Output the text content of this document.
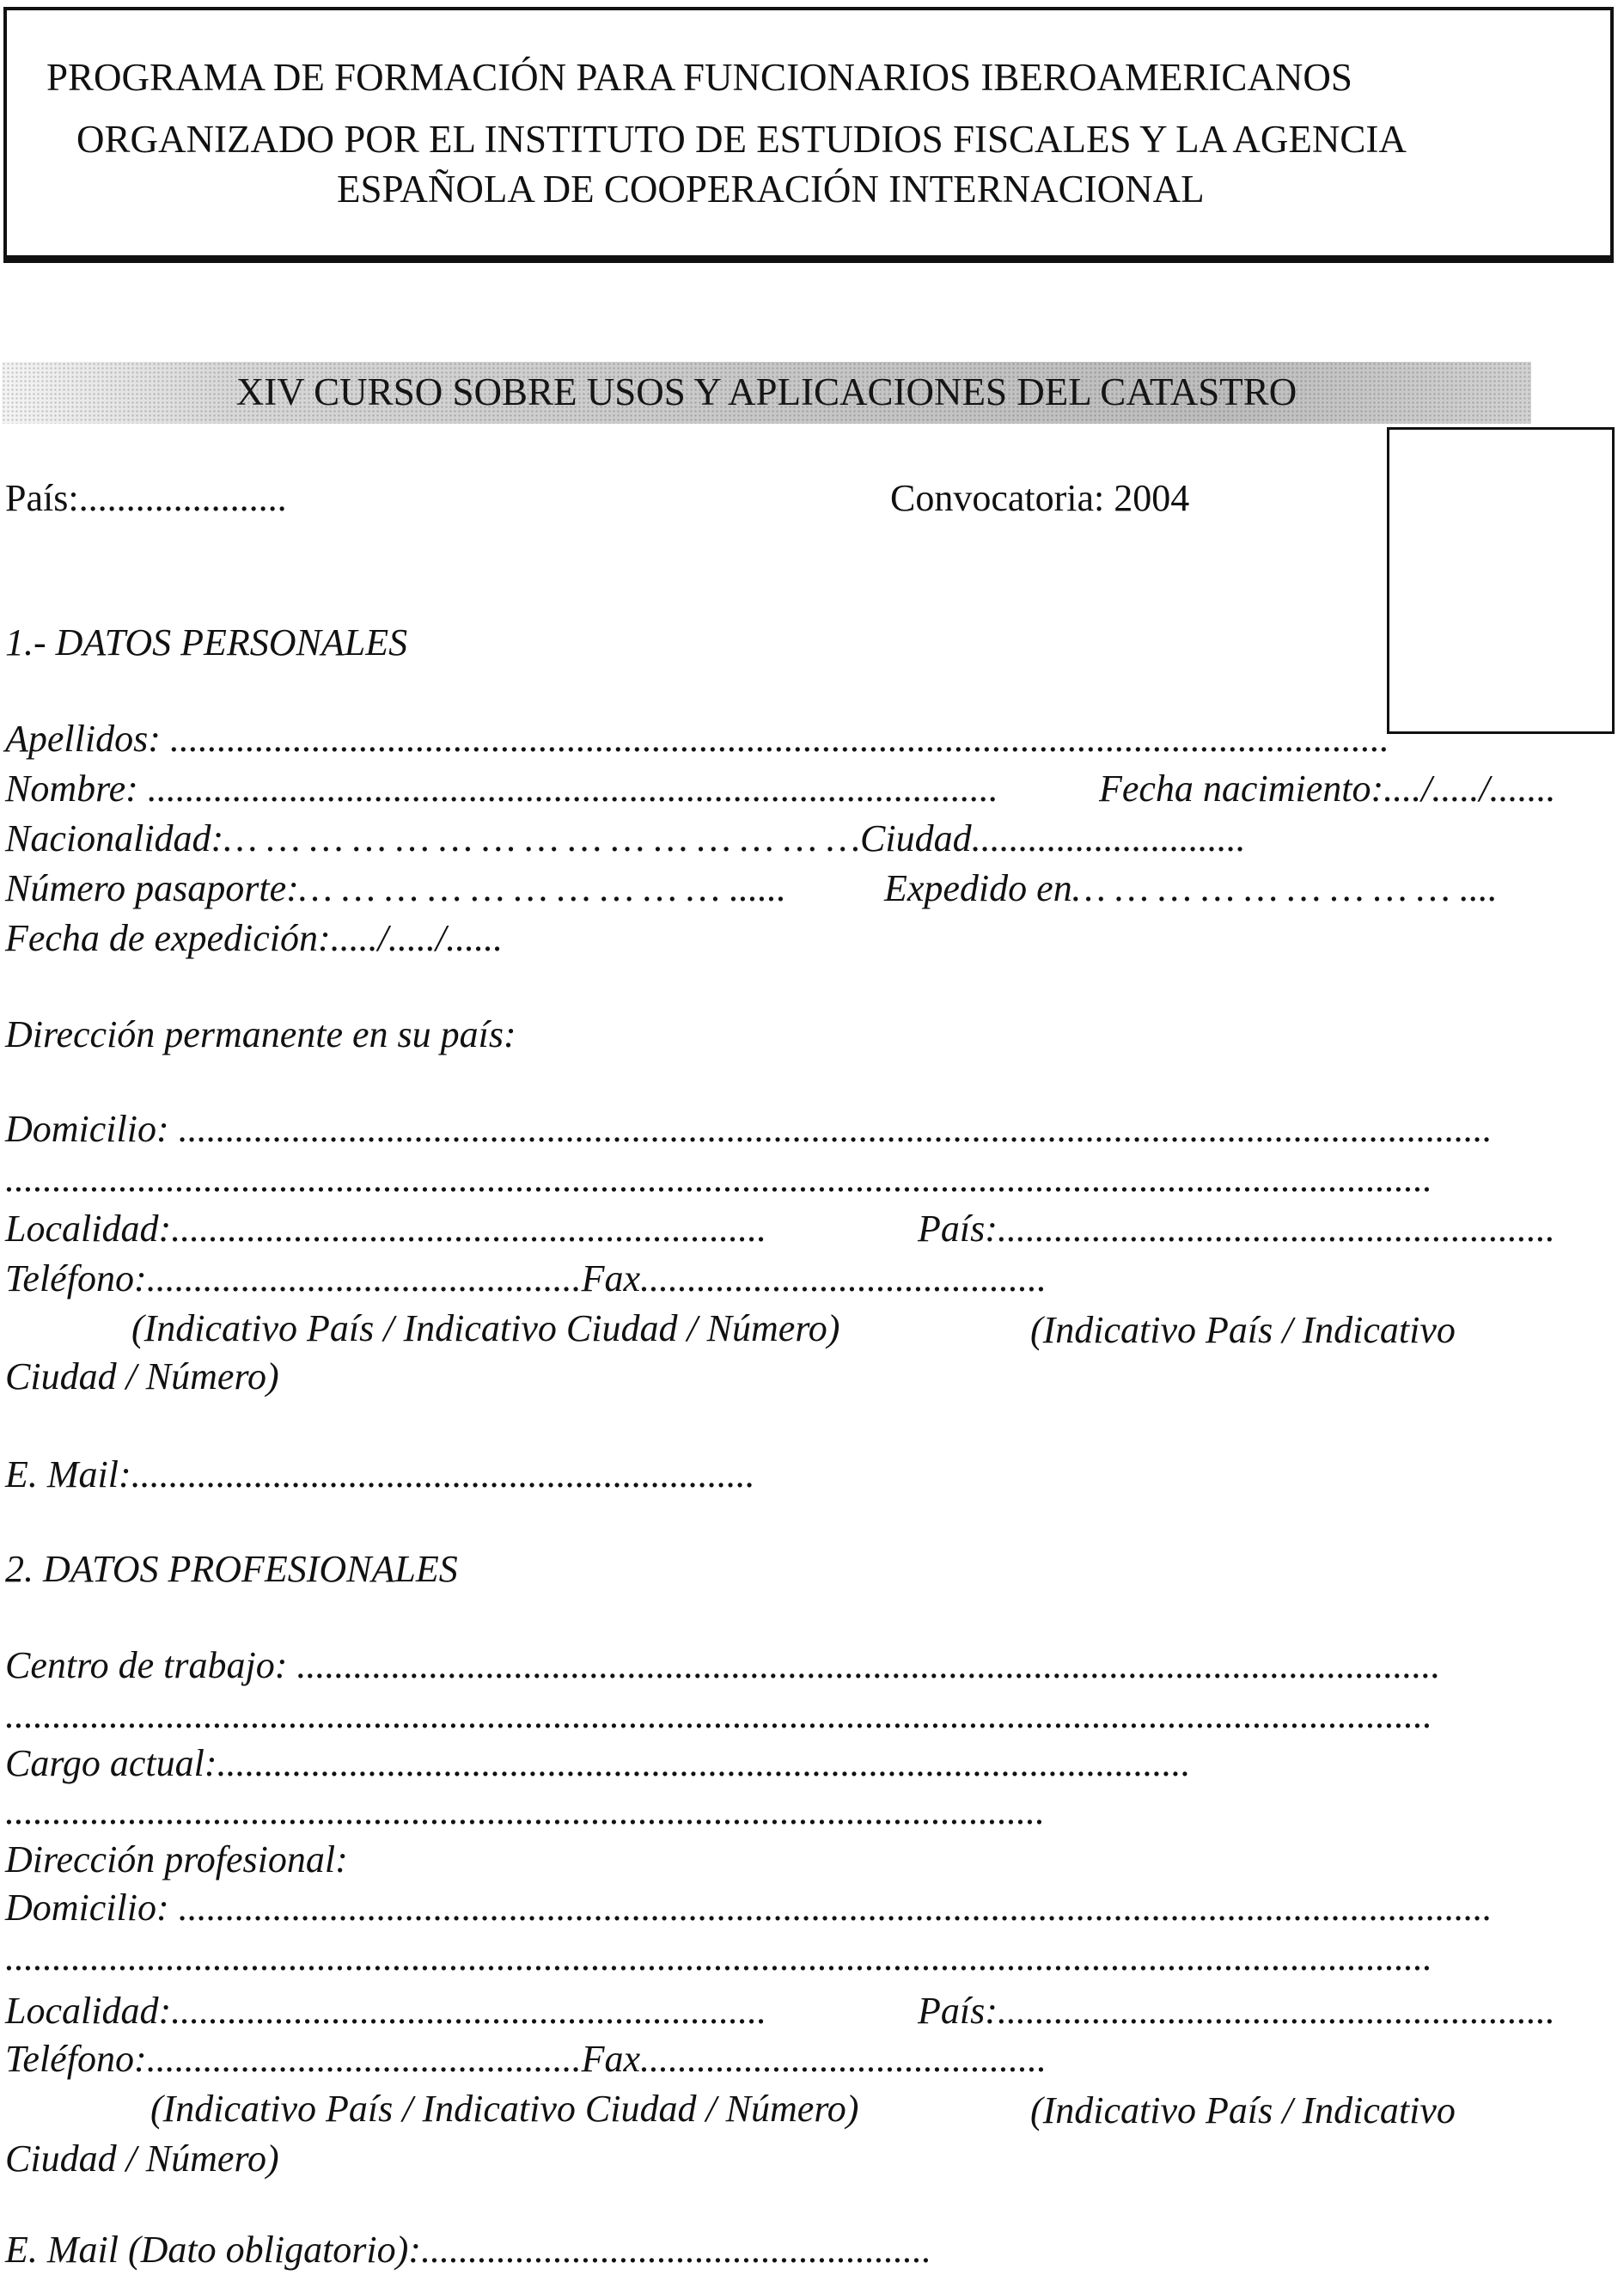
PROGRAMA DE FORMACIÓN PARA FUNCIONARIOS IBEROAMERICANOS
ORGANIZADO POR EL INSTITUTO DE ESTUDIOS FISCALES Y LA AGENCIA
ESPAÑOLA DE COOPERACIÓN INTERNACIONAL
XIV CURSO SOBRE USOS Y APLICACIONES DEL CATASTRO
País:......................	Convocatoria: 2004
1.- DATOS PERSONALES
Apellidos: .................................................................................................................................
Nombre: ..........................................................................................	Fecha nacimiento:..../...../.......
Nacionalidad:… … … … … … … … … … … … … … …Ciudad.............................
Número pasaporte:… … … … … … … … … … ......	Expedido en… … … … … … … … … ....
Fecha de expedición:...../...../......
Dirección permanente en su país:
Domicilio: ...........................................................................................................................................
.......................................................................................................................................................
Localidad:...............................................................	País:...........................................................
Teléfono:..............................................Fax...........................................
(Indicativo País / Indicativo Ciudad / Número)	(Indicativo País / Indicativo
Ciudad / Número)
E. Mail:..................................................................
2. DATOS PROFESIONALES
Centro de trabajo: .........................................................................................................................
.......................................................................................................................................................
Cargo actual:.......................................................................................................
..............................................................................................................
Dirección profesional:
Domicilio: ...........................................................................................................................................
.......................................................................................................................................................
Localidad:...............................................................	País:...........................................................
Teléfono:..............................................Fax...........................................
(Indicativo País / Indicativo Ciudad / Número)	(Indicativo País / Indicativo
Ciudad / Número)
E. Mail (Dato obligatorio):......................................................
